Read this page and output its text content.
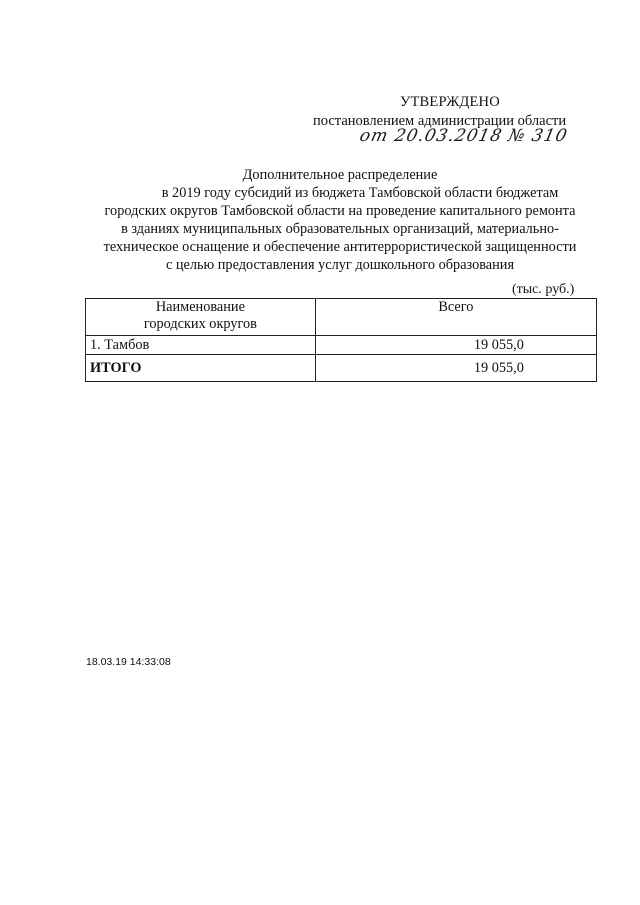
УТВЕРЖДЕНО
постановлением администрации области
от 20.03.2018 № 310
Дополнительное распределение
в 2019 году субсидий из бюджета Тамбовской области бюджетам
городских округов Тамбовской области на проведение капитального ремонта
в зданиях муниципальных образовательных организаций, материально-
техническое оснащение и обеспечение антитеррористической защищенности
с целью предоставления услуг дошкольного образования
(тыс. руб.)
Наименование
городских округов	Всего
1. Тамбов	19 055,0
ИТОГО	19 055,0
18.03.19 14:33:08
